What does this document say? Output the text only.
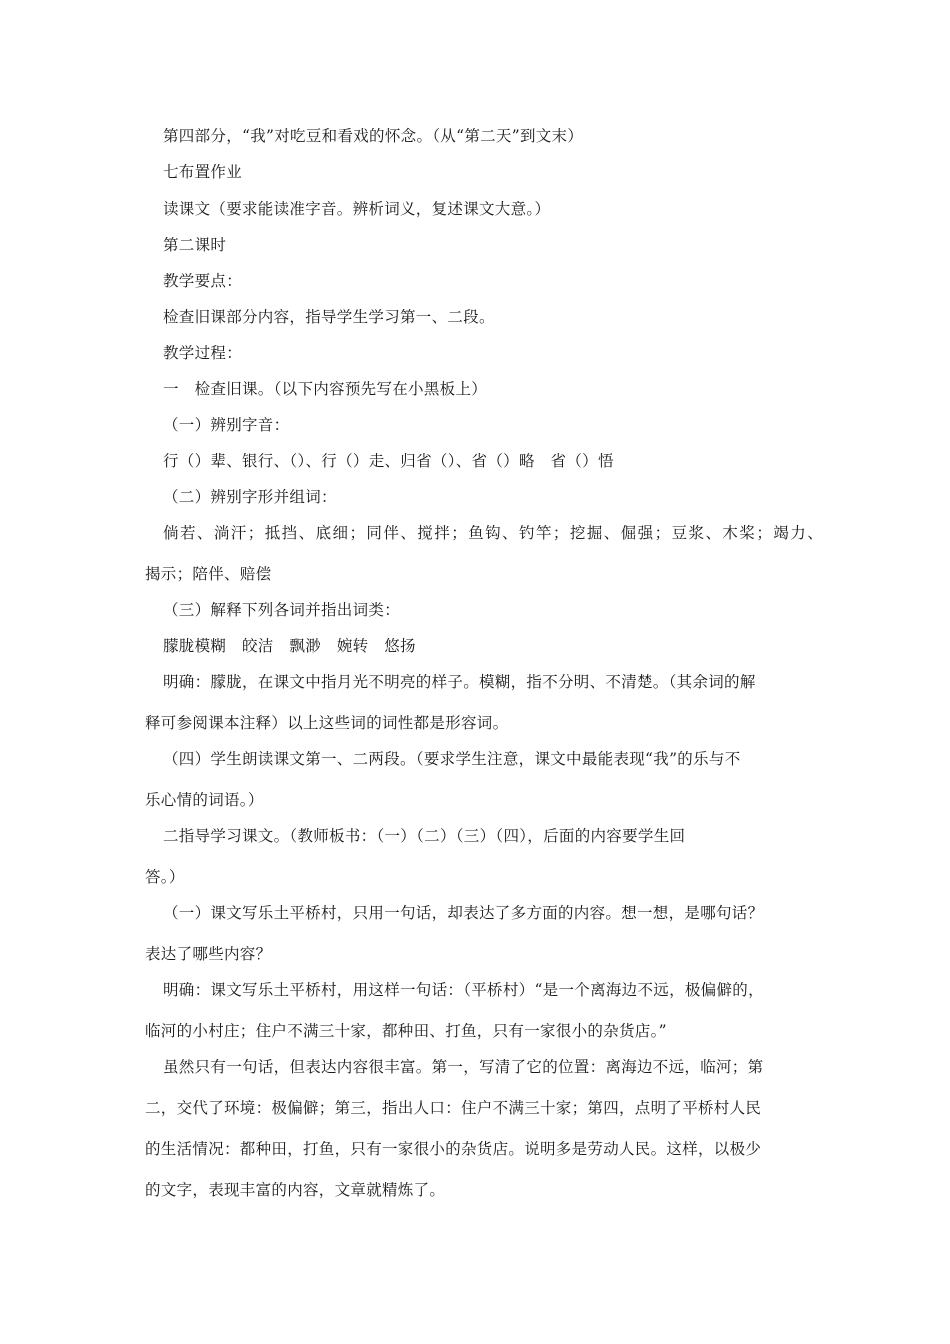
第四部分，“我”对吃豆和看戏的怀念。（从“第二天”到文末）
七布置作业
读课文（要求能读准字音。辨析词义，复述课文大意。）
第二课时
教学要点：
检查旧课部分内容，指导学生学习第一、二段。
教学过程：
一　检查旧课。（以下内容预先写在小黑板上）
（一）辨别字音：
行（）辈、银行、（）、行（）走、归省（）、省（）略　省（）悟
（二）辨别字形并组词：
倘若、淌汗；抵挡、底细；同伴、搅拌；鱼钩、钓竿；挖掘、倔强；豆浆、木桨；竭力、
揭示；陪伴、赔偿
（三）解释下列各词并指出词类：
朦胧模糊　皎洁　飘渺　婉转　悠扬
明确：朦胧，在课文中指月光不明亮的样子。模糊，指不分明、不清楚。（其余词的解
释可参阅课本注释）以上这些词的词性都是形容词。
（四）学生朗读课文第一、二两段。（要求学生注意，课文中最能表现“我”的乐与不
乐心情的词语。）
二指导学习课文。（教师板书：（一）（二）（三）（四），后面的内容要学生回
答。）
（一）课文写乐土平桥村，只用一句话，却表达了多方面的内容。想一想，是哪句话？
表达了哪些内容？
明确：课文写乐土平桥村，用这样一句话：（平桥村）“是一个离海边不远，极偏僻的，
临河的小村庄；住户不满三十家，都种田、打鱼，只有一家很小的杂货店。”
虽然只有一句话，但表达内容很丰富。第一，写清了它的位置：离海边不远，临河；第
二，交代了环境：极偏僻；第三，指出人口：住户不满三十家；第四，点明了平桥村人民
的生活情况：都种田，打鱼，只有一家很小的杂货店。说明多是劳动人民。这样，以极少
的文字，表现丰富的内容，文章就精炼了。
